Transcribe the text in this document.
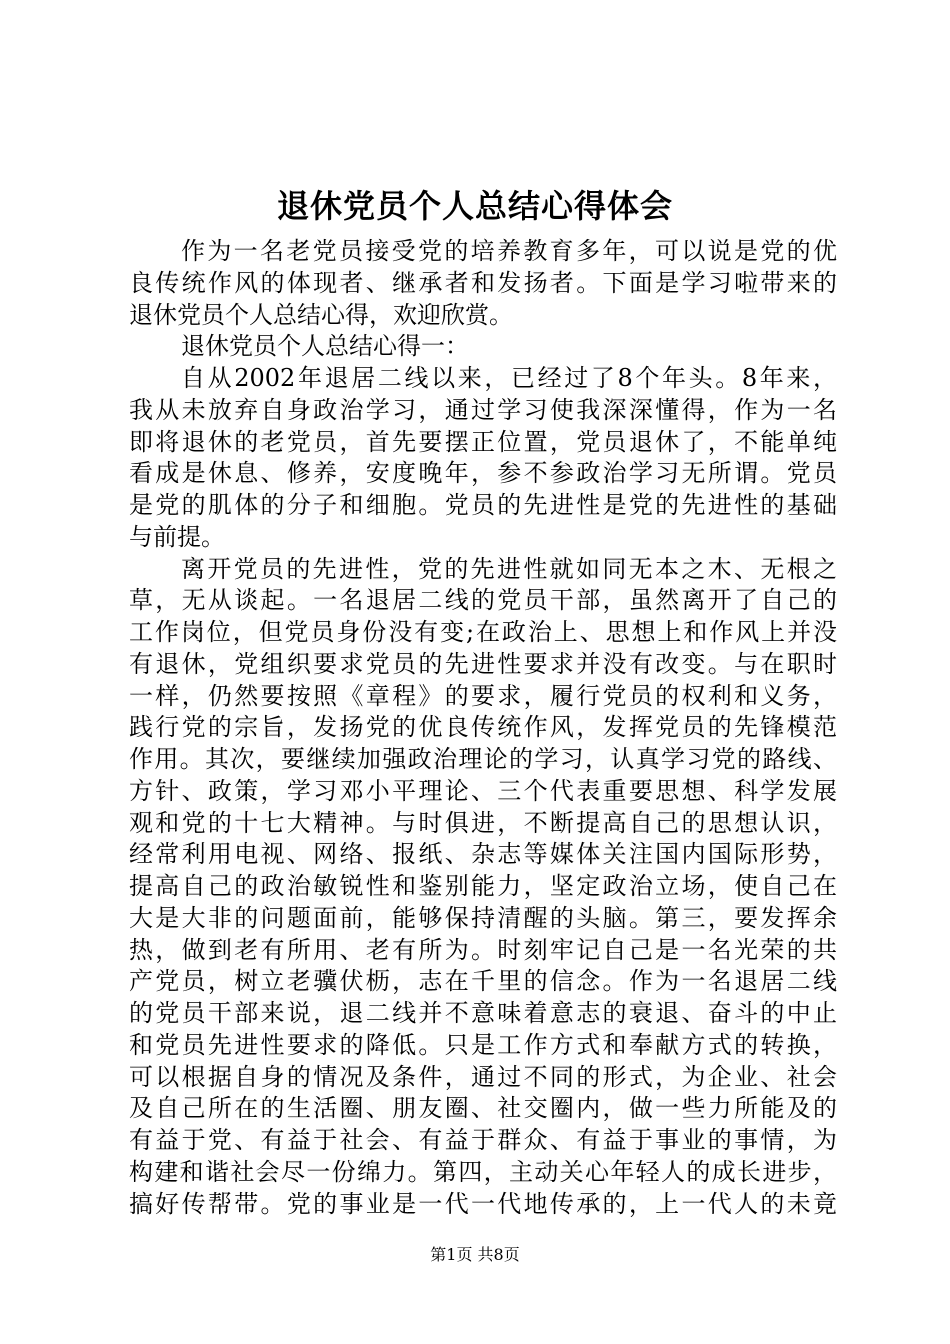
退休党员个人总结心得体会
作为一名老党员接受党的培养教育多年，可以说是党的优
良传统作风的体现者、继承者和发扬者。下面是学习啦带来的
退休党员个人总结心得，欢迎欣赏。
退休党员个人总结心得一：
自从2002年退居二线以来，已经过了8个年头。8年来，
我从未放弃自身政治学习，通过学习使我深深懂得，作为一名
即将退休的老党员，首先要摆正位置，党员退休了，不能单纯
看成是休息、修养，安度晚年，参不参政治学习无所谓。党员
是党的肌体的分子和细胞。党员的先进性是党的先进性的基础
与前提。
离开党员的先进性，党的先进性就如同无本之木、无根之
草，无从谈起。一名退居二线的党员干部，虽然离开了自己的
工作岗位，但党员身份没有变;在政治上、思想上和作风上并没
有退休，党组织要求党员的先进性要求并没有改变。与在职时
一样，仍然要按照《章程》的要求，履行党员的权利和义务，
践行党的宗旨，发扬党的优良传统作风，发挥党员的先锋模范
作用。其次，要继续加强政治理论的学习，认真学习党的路线、
方针、政策，学习邓小平理论、三个代表重要思想、科学发展
观和党的十七大精神。与时俱进，不断提高自己的思想认识，
经常利用电视、网络、报纸、杂志等媒体关注国内国际形势，
提高自己的政治敏锐性和鉴别能力，坚定政治立场，使自己在
大是大非的问题面前，能够保持清醒的头脑。第三，要发挥余
热，做到老有所用、老有所为。时刻牢记自己是一名光荣的共
产党员，树立老骥伏枥，志在千里的信念。作为一名退居二线
的党员干部来说，退二线并不意味着意志的衰退、奋斗的中止
和党员先进性要求的降低。只是工作方式和奉献方式的转换，
可以根据自身的情况及条件，通过不同的形式，为企业、社会
及自己所在的生活圈、朋友圈、社交圈内，做一些力所能及的
有益于党、有益于社会、有益于群众、有益于事业的事情，为
构建和谐社会尽一份绵力。第四，主动关心年轻人的成长进步，
搞好传帮带。党的事业是一代一代地传承的，上一代人的未竟
第1页 共8页
